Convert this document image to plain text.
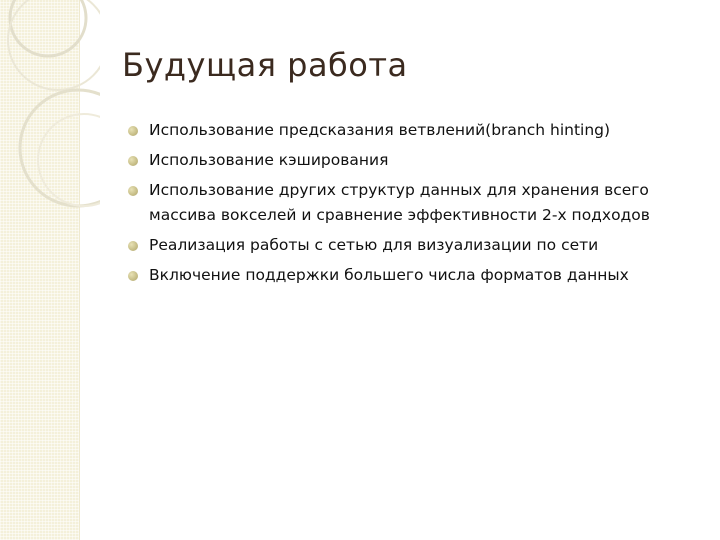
Будущая работа
Использование предсказания ветвлений(branch hinting)
Использование кэширования
Использование других структур данных для хранения всего массива вокселей и сравнение эффективности 2-х подходов
Реализация работы с сетью для визуализации по сети
Включение поддержки большего числа форматов данных
